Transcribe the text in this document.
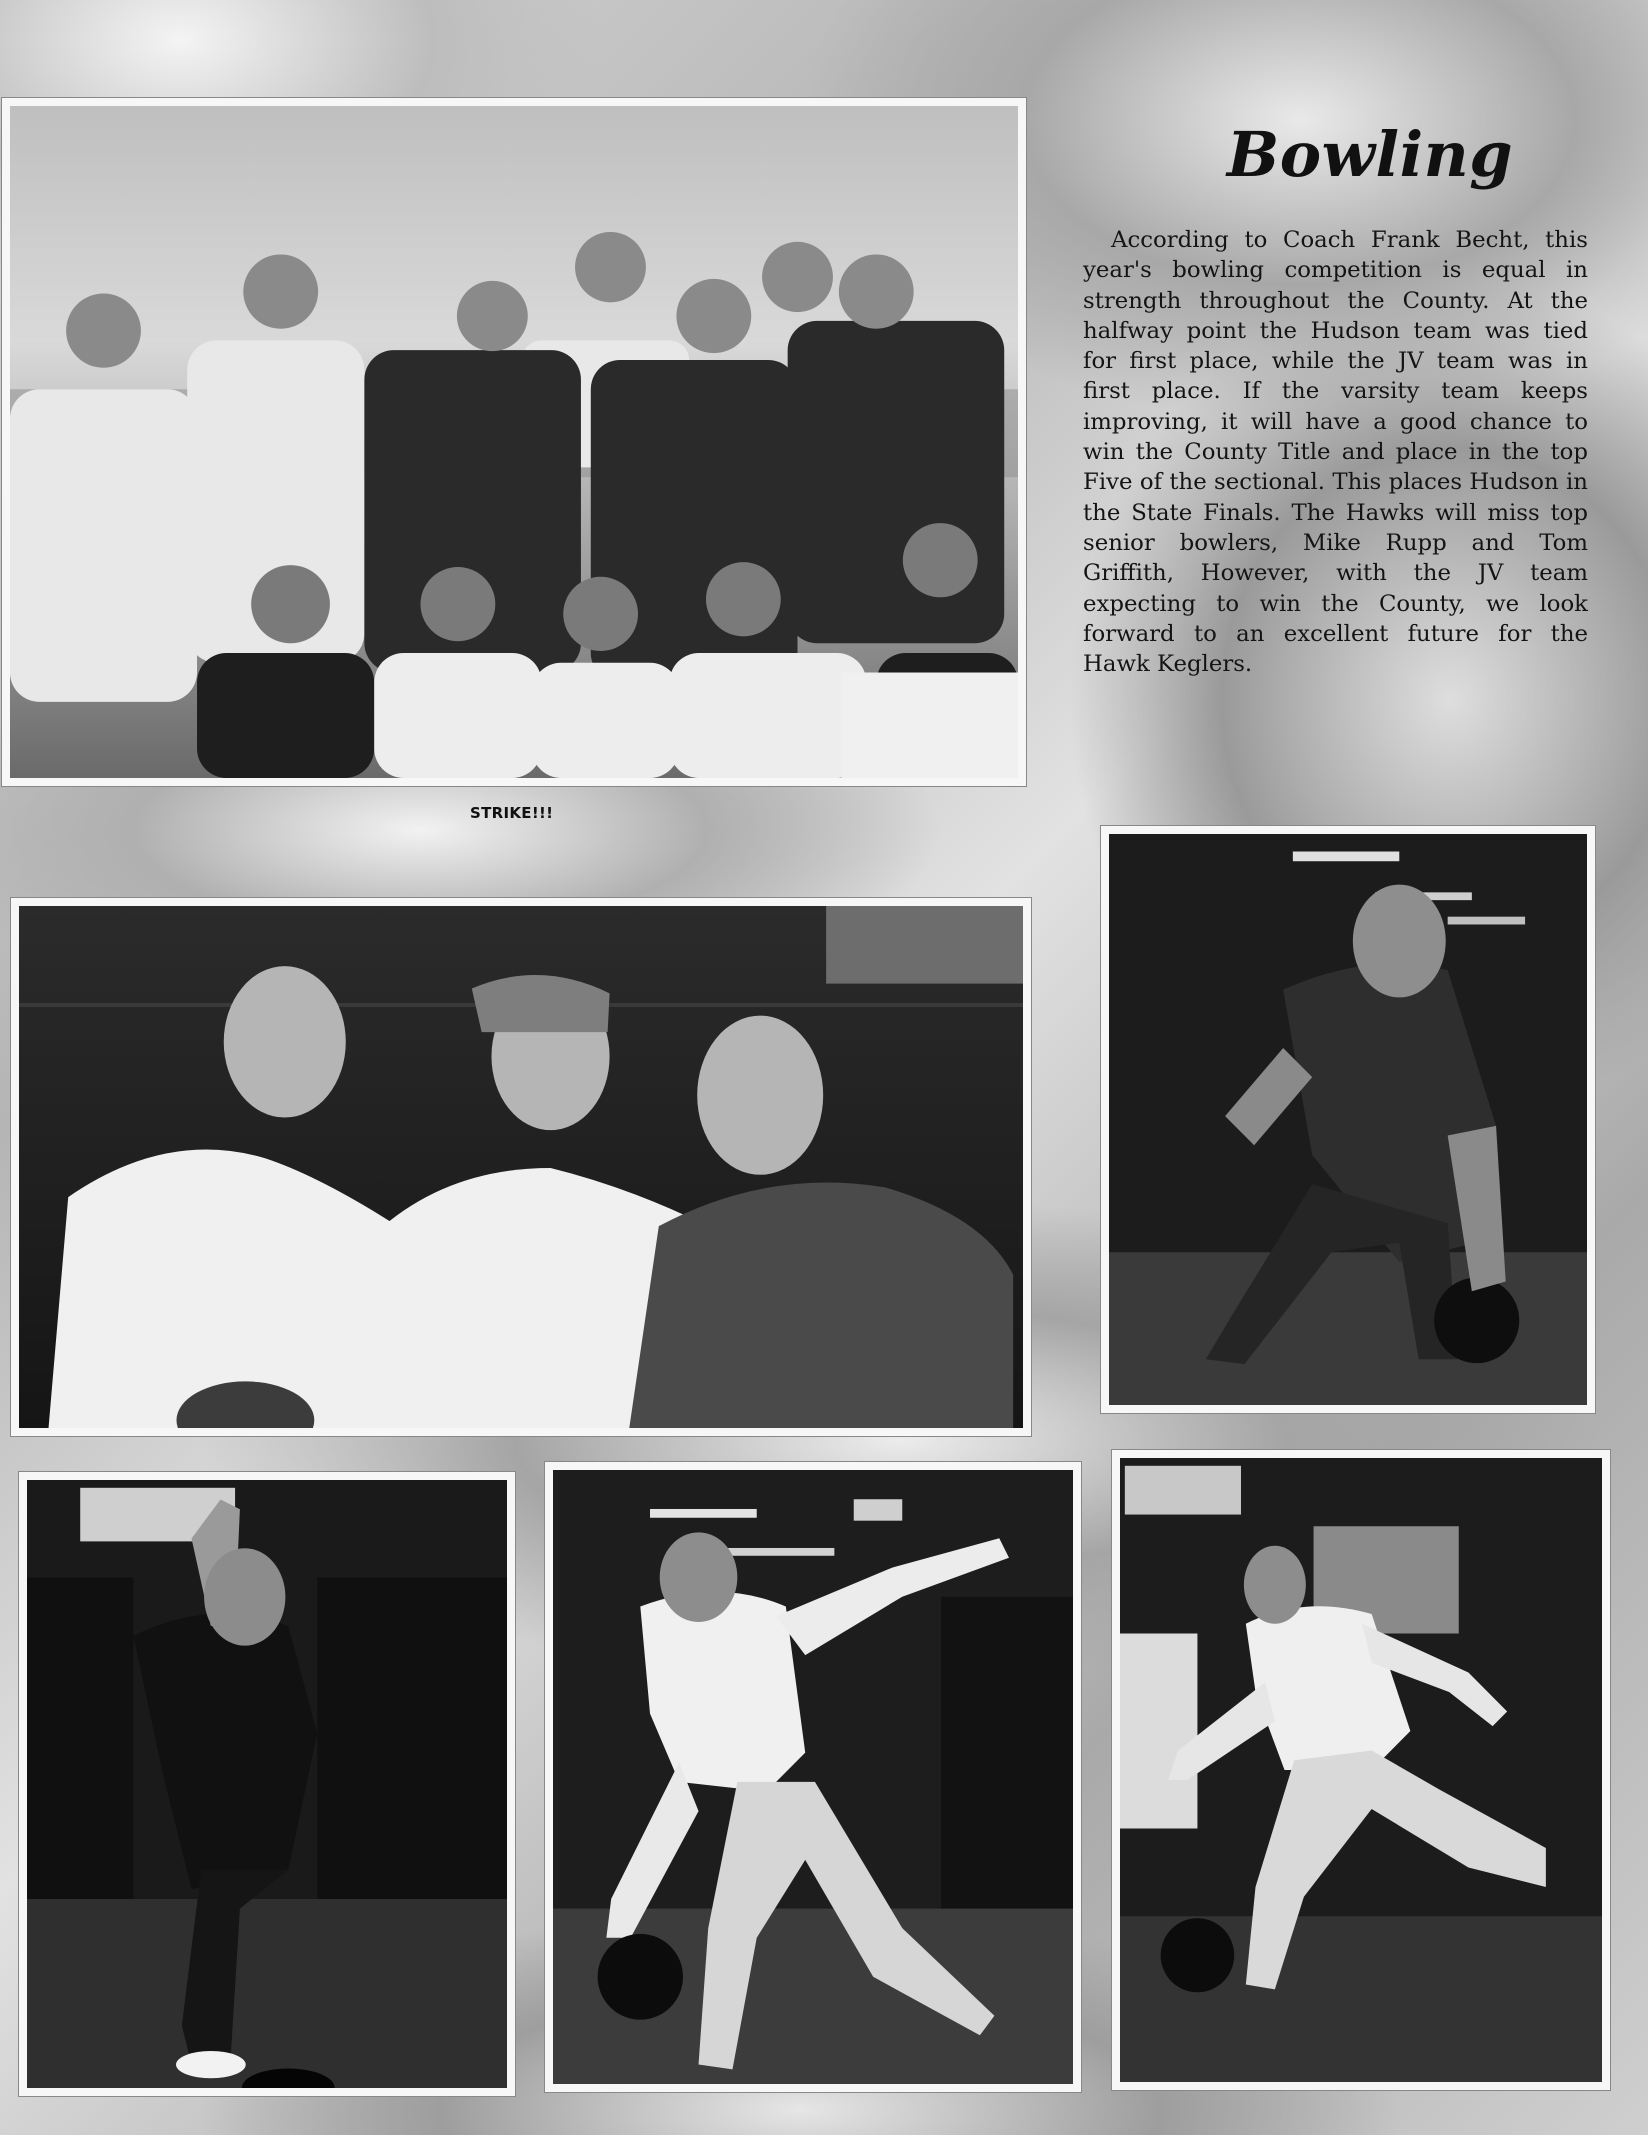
Bowling

According to Coach Frank Becht, this year's bowling competition is equal in strength throughout the County. At the halfway point the Hudson team was tied for first place, while the JV team was in first place. If the varsity team keeps improving, it will have a good chance to win the County Title and place in the top Five of the sectional. This places Hudson in the State Finals. The Hawks will miss top senior bowlers, Mike Rupp and Tom Griffith, However, with the JV team expecting to win the County, we look forward to an excellent future for the Hawk Keglers.

STRIKE!!!
